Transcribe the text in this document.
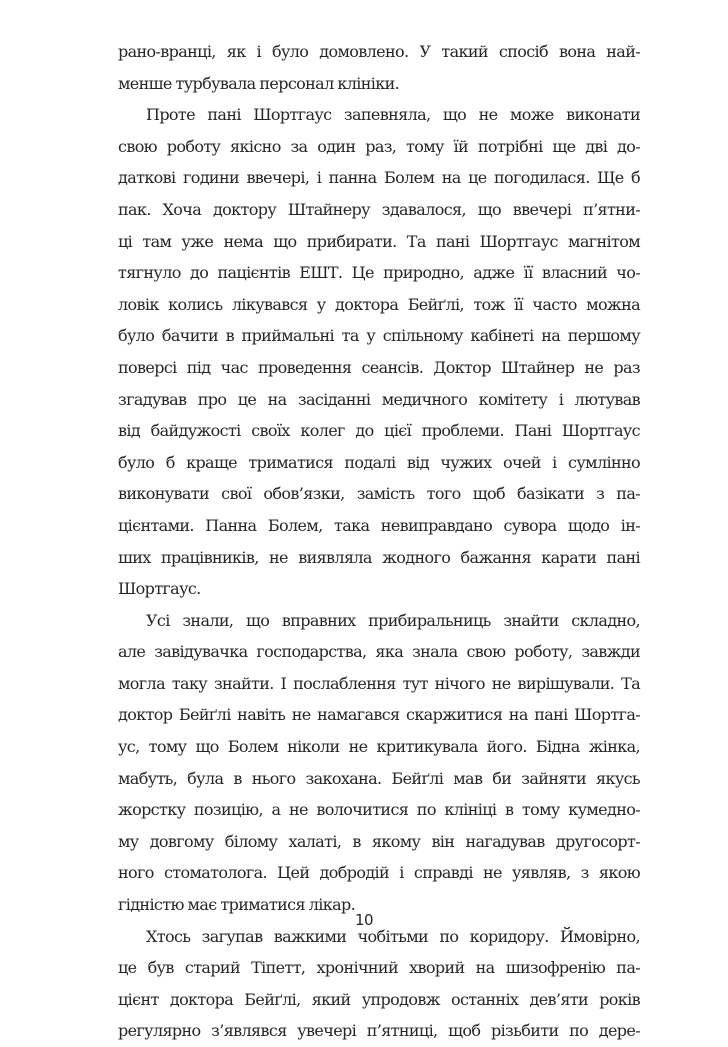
рано-вранці, як і було домовлено. У такий спосіб вона най-
менше турбувала персонал клініки.
Проте пані Шортгаус запевняла, що не може виконати
свою роботу якісно за один раз, тому їй потрібні ще дві до-
даткові години ввечері, і панна Болем на це погодилася. Ще б
пак. Хоча доктору Штайнеру здавалося, що ввечері п’ятни-
ці там уже нема що прибирати. Та пані Шортгаус магнітом
тягнуло до пацієнтів ЕШТ. Це природно, адже її власний чо-
ловік колись лікувався у доктора Бейґлі, тож її часто можна
було бачити в приймальні та у спільному кабінеті на першому
поверсі під час проведення сеансів. Доктор Штайнер не раз
згадував про це на засіданні медичного комітету і лютував
від байдужості своїх колег до цієї проблеми. Пані Шортгаус
було б краще триматися подалі від чужих очей і сумлінно
виконувати свої обов’язки, замість того щоб базікати з па-
цієнтами. Панна Болем, така невиправдано сувора щодо ін-
ших працівників, не виявляла жодного бажання карати пані
Шортгаус.
Усі знали, що вправних прибиральниць знайти складно,
але завідувачка господарства, яка знала свою роботу, завжди
могла таку знайти. І послаблення тут нічого не вирішували. Та
доктор Бейґлі навіть не намагався скаржитися на пані Шортга-
ус, тому що Болем ніколи не критикувала його. Бідна жінка,
мабуть, була в нього закохана. Бейґлі мав би зайняти якусь
жорстку позицію, а не волочитися по клініці в тому кумедно-
му довгому білому халаті, в якому він нагадував другосорт-
ного стоматолога. Цей добродій і справді не уявляв, з якою
гідністю має триматися лікар.
Хтось загупав важкими чобітьми по коридору. Ймовірно,
це був старий Тіпетт, хронічний хворий на шизофренію па-
цієнт доктора Бейґлі, який упродовж останніх дев’яти років
регулярно з’являвся увечері п’ятниці, щоб різьбити по дере-
10
